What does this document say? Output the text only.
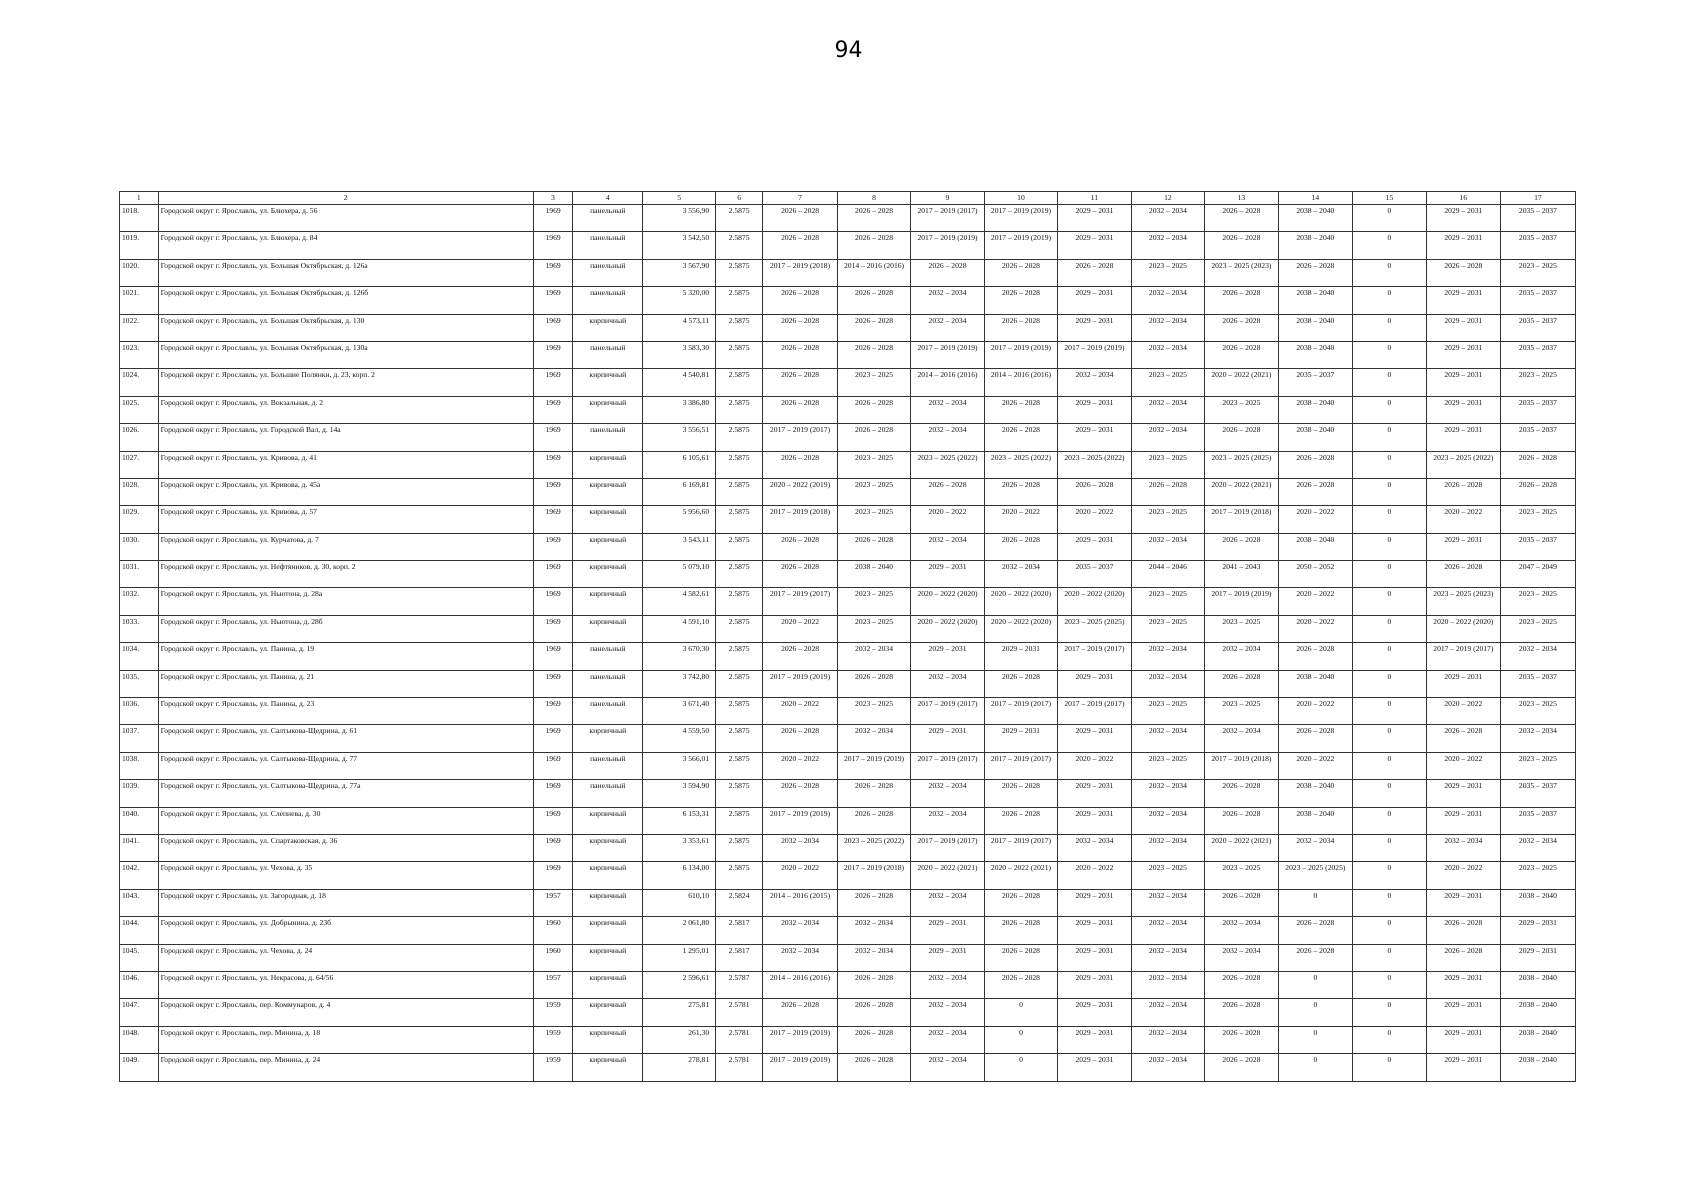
94
1	2	3	4	5	6	7	8	9	10	11	12	13	14	15	16	17
1018.	Городской округ г. Ярославль, ул. Блюхера, д. 56	1969	панельный	3 556,90	2.5875	2026 – 2028	2026 – 2028	2017 – 2019 (2017)	2017 – 2019 (2019)	2029 – 2031	2032 – 2034	2026 – 2028	2038 – 2040	0	2029 – 2031	2035 – 2037
1019.	Городской округ г. Ярославль, ул. Блюхера, д. 84	1969	панельный	3 542,50	2.5875	2026 – 2028	2026 – 2028	2017 – 2019 (2019)	2017 – 2019 (2019)	2029 – 2031	2032 – 2034	2026 – 2028	2038 – 2040	0	2029 – 2031	2035 – 2037
1020.	Городской округ г. Ярославль, ул. Большая Октябрьская, д. 126а	1969	панельный	3 567,90	2.5875	2017 – 2019 (2018)	2014 – 2016 (2016)	2026 – 2028	2026 – 2028	2026 – 2028	2023 – 2025	2023 – 2025 (2023)	2026 – 2028	0	2026 – 2028	2023 – 2025
1021.	Городской округ г. Ярославль, ул. Большая Октябрьская, д. 126б	1969	панельный	5 320,00	2.5875	2026 – 2028	2026 – 2028	2032 – 2034	2026 – 2028	2029 – 2031	2032 – 2034	2026 – 2028	2038 – 2040	0	2029 – 2031	2035 – 2037
1022.	Городской округ г. Ярославль, ул. Большая Октябрьская, д. 130	1969	кирпичный	4 573,11	2.5875	2026 – 2028	2026 – 2028	2032 – 2034	2026 – 2028	2029 – 2031	2032 – 2034	2026 – 2028	2038 – 2040	0	2029 – 2031	2035 – 2037
1023.	Городской округ г. Ярославль, ул. Большая Октябрьская, д. 130а	1969	панельный	3 583,30	2.5875	2026 – 2028	2026 – 2028	2017 – 2019 (2019)	2017 – 2019 (2019)	2017 – 2019 (2019)	2032 – 2034	2026 – 2028	2038 – 2040	0	2029 – 2031	2035 – 2037
1024.	Городской округ г. Ярославль, ул. Большие Полянки, д. 23, корп. 2	1969	кирпичный	4 540,81	2.5875	2026 – 2028	2023 – 2025	2014 – 2016 (2016)	2014 – 2016 (2016)	2032 – 2034	2023 – 2025	2020 – 2022 (2021)	2035 – 2037	0	2029 – 2031	2023 – 2025
1025.	Городской округ г. Ярославль, ул. Вокзальная, д. 2	1969	кирпичный	3 386,80	2.5875	2026 – 2028	2026 – 2028	2032 – 2034	2026 – 2028	2029 – 2031	2032 – 2034	2023 – 2025	2038 – 2040	0	2029 – 2031	2035 – 2037
1026.	Городской округ г. Ярославль, ул. Городской Вал, д. 14а	1969	панельный	3 556,51	2.5875	2017 – 2019 (2017)	2026 – 2028	2032 – 2034	2026 – 2028	2029 – 2031	2032 – 2034	2026 – 2028	2038 – 2040	0	2029 – 2031	2035 – 2037
1027.	Городской округ г. Ярославль, ул. Кривова, д. 41	1969	кирпичный	6 105,61	2.5875	2026 – 2028	2023 – 2025	2023 – 2025 (2022)	2023 – 2025 (2022)	2023 – 2025 (2022)	2023 – 2025	2023 – 2025 (2025)	2026 – 2028	0	2023 – 2025 (2022)	2026 – 2028
1028.	Городской округ г. Ярославль, ул. Кривова, д. 45а	1969	кирпичный	6 169,81	2.5875	2020 – 2022 (2019)	2023 – 2025	2026 – 2028	2026 – 2028	2026 – 2028	2026 – 2028	2020 – 2022 (2021)	2026 – 2028	0	2026 – 2028	2026 – 2028
1029.	Городской округ г. Ярославль, ул. Кривова, д. 57	1969	кирпичный	5 956,60	2.5875	2017 – 2019 (2018)	2023 – 2025	2020 – 2022	2020 – 2022	2020 – 2022	2023 – 2025	2017 – 2019 (2018)	2020 – 2022	0	2020 – 2022	2023 – 2025
1030.	Городской округ г. Ярославль, ул. Курчатова, д. 7	1969	кирпичный	3 543,11	2.5875	2026 – 2028	2026 – 2028	2032 – 2034	2026 – 2028	2029 – 2031	2032 – 2034	2026 – 2028	2038 – 2040	0	2029 – 2031	2035 – 2037
1031.	Городской округ г. Ярославль, ул. Нефтяников, д. 30, корп. 2	1969	кирпичный	5 079,10	2.5875	2026 – 2028	2038 – 2040	2029 – 2031	2032 – 2034	2035 – 2037	2044 – 2046	2041 – 2043	2050 – 2052	0	2026 – 2028	2047 – 2049
1032.	Городской округ г. Ярославль, ул. Ньютона, д. 28а	1969	кирпичный	4 582,61	2.5875	2017 – 2019 (2017)	2023 – 2025	2020 – 2022 (2020)	2020 – 2022 (2020)	2020 – 2022 (2020)	2023 – 2025	2017 – 2019 (2019)	2020 – 2022	0	2023 – 2025 (2023)	2023 – 2025
1033.	Городской округ г. Ярославль, ул. Ньютона, д. 28б	1969	кирпичный	4 591,10	2.5875	2020 – 2022	2023 – 2025	2020 – 2022 (2020)	2020 – 2022 (2020)	2023 – 2025 (2025)	2023 – 2025	2023 – 2025	2020 – 2022	0	2020 – 2022 (2020)	2023 – 2025
1034.	Городской округ г. Ярославль, ул. Панина, д. 19	1969	панельный	3 670,30	2.5875	2026 – 2028	2032 – 2034	2029 – 2031	2029 – 2031	2017 – 2019 (2017)	2032 – 2034	2032 – 2034	2026 – 2028	0	2017 – 2019 (2017)	2032 – 2034
1035.	Городской округ г. Ярославль, ул. Панина, д. 21	1969	панельный	3 742,80	2.5875	2017 – 2019 (2019)	2026 – 2028	2032 – 2034	2026 – 2028	2029 – 2031	2032 – 2034	2026 – 2028	2038 – 2040	0	2029 – 2031	2035 – 2037
1036.	Городской округ г. Ярославль, ул. Панина, д. 23	1969	панельный	3 671,40	2.5875	2020 – 2022	2023 – 2025	2017 – 2019 (2017)	2017 – 2019 (2017)	2017 – 2019 (2017)	2023 – 2025	2023 – 2025	2020 – 2022	0	2020 – 2022	2023 – 2025
1037.	Городской округ г. Ярославль, ул. Салтыкова-Щедрина, д. 61	1969	кирпичный	4 559,50	2.5875	2026 – 2028	2032 – 2034	2029 – 2031	2029 – 2031	2029 – 2031	2032 – 2034	2032 – 2034	2026 – 2028	0	2026 – 2028	2032 – 2034
1038.	Городской округ г. Ярославль, ул. Салтыкова-Щедрина, д. 77	1969	панельный	3 566,01	2.5875	2020 – 2022	2017 – 2019 (2019)	2017 – 2019 (2017)	2017 – 2019 (2017)	2020 – 2022	2023 – 2025	2017 – 2019 (2018)	2020 – 2022	0	2020 – 2022	2023 – 2025
1039.	Городской округ г. Ярославль, ул. Салтыкова-Щедрина, д. 77а	1969	панельный	3 594,90	2.5875	2026 – 2028	2026 – 2028	2032 – 2034	2026 – 2028	2029 – 2031	2032 – 2034	2026 – 2028	2038 – 2040	0	2029 – 2031	2035 – 2037
1040.	Городской округ г. Ярославль, ул. Слепнева, д. 30	1969	кирпичный	6 153,31	2.5875	2017 – 2019 (2019)	2026 – 2028	2032 – 2034	2026 – 2028	2029 – 2031	2032 – 2034	2026 – 2028	2038 – 2040	0	2029 – 2031	2035 – 2037
1041.	Городской округ г. Ярославль, ул. Спартаковская, д. 36	1969	кирпичный	3 353,61	2.5875	2032 – 2034	2023 – 2025 (2022)	2017 – 2019 (2017)	2017 – 2019 (2017)	2032 – 2034	2032 – 2034	2020 – 2022 (2021)	2032 – 2034	0	2032 – 2034	2032 – 2034
1042.	Городской округ г. Ярославль, ул. Чехова, д. 35	1969	кирпичный	6 134,00	2.5875	2020 – 2022	2017 – 2019 (2018)	2020 – 2022 (2021)	2020 – 2022 (2021)	2020 – 2022	2023 – 2025	2023 – 2025	2023 – 2025 (2025)	0	2020 – 2022	2023 – 2025
1043.	Городской округ г. Ярославль, ул. Загородная, д. 18	1957	кирпичный	610,10	2.5824	2014 – 2016 (2015)	2026 – 2028	2032 – 2034	2026 – 2028	2029 – 2031	2032 – 2034	2026 – 2028	0	0	2029 – 2031	2038 – 2040
1044.	Городской округ г. Ярославль, ул. Добрынина, д. 23б	1960	кирпичный	2 061,80	2.5817	2032 – 2034	2032 – 2034	2029 – 2031	2026 – 2028	2029 – 2031	2032 – 2034	2032 – 2034	2026 – 2028	0	2026 – 2028	2029 – 2031
1045.	Городской округ г. Ярославль, ул. Чехова, д. 24	1960	кирпичный	1 295,01	2.5817	2032 – 2034	2032 – 2034	2029 – 2031	2026 – 2028	2029 – 2031	2032 – 2034	2032 – 2034	2026 – 2028	0	2026 – 2028	2029 – 2031
1046.	Городской округ г. Ярославль, ул. Некрасова, д. 64/56	1957	кирпичный	2 596,61	2.5787	2014 – 2016 (2016)	2026 – 2028	2032 – 2034	2026 – 2028	2029 – 2031	2032 – 2034	2026 – 2028	0	0	2029 – 2031	2038 – 2040
1047.	Городской округ г. Ярославль, пер. Коммунаров, д. 4	1959	кирпичный	275,81	2.5781	2026 – 2028	2026 – 2028	2032 – 2034	0	2029 – 2031	2032 – 2034	2026 – 2028	0	0	2029 – 2031	2038 – 2040
1048.	Городской округ г. Ярославль, пер. Минина, д. 18	1959	кирпичный	261,30	2.5781	2017 – 2019 (2019)	2026 – 2028	2032 – 2034	0	2029 – 2031	2032 – 2034	2026 – 2028	0	0	2029 – 2031	2038 – 2040
1049.	Городской округ г. Ярославль, пер. Минина, д. 24	1959	кирпичный	278,81	2.5781	2017 – 2019 (2019)	2026 – 2028	2032 – 2034	0	2029 – 2031	2032 – 2034	2026 – 2028	0	0	2029 – 2031	2038 – 2040
